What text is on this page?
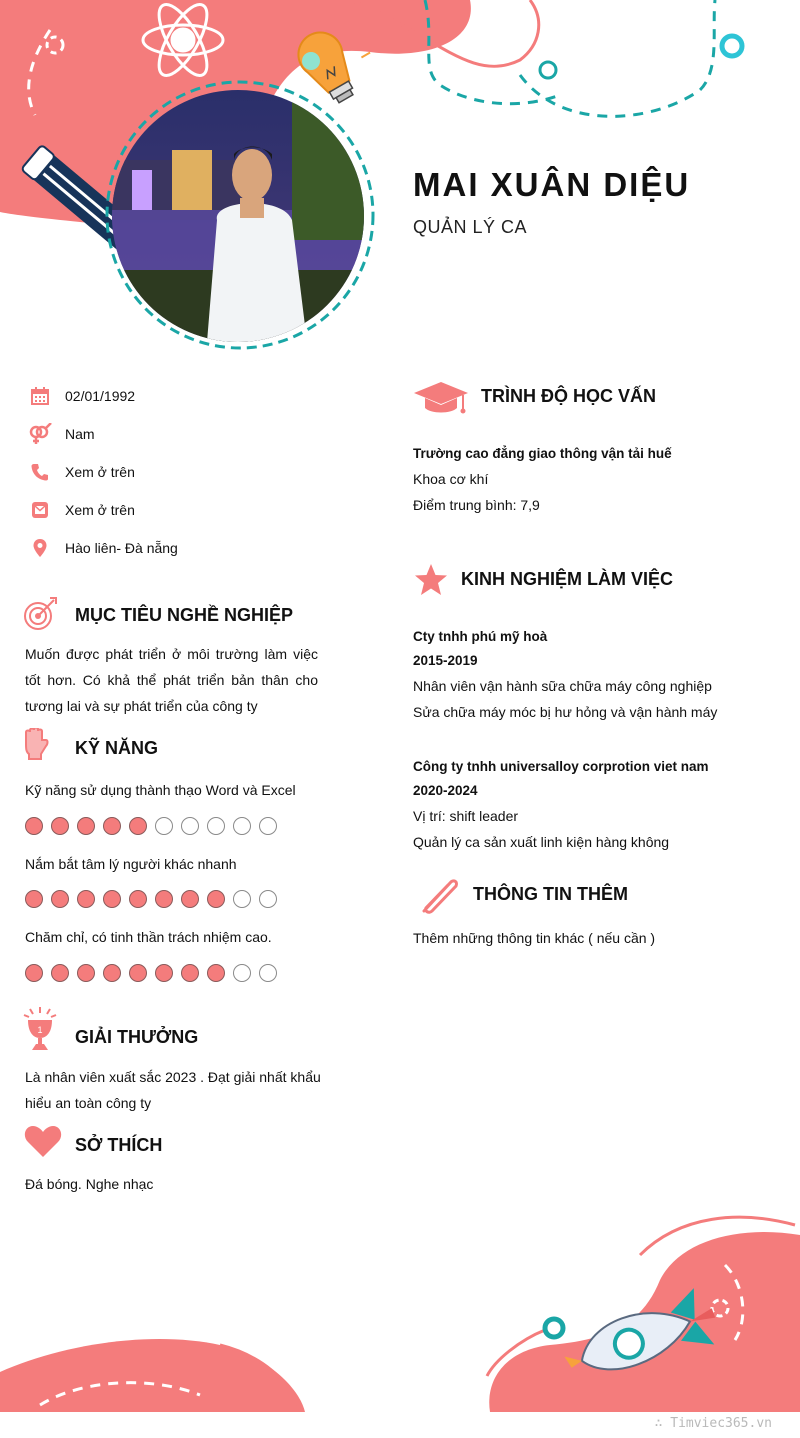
MAI XUÂN DIỆU
QUẢN LÝ CA
02/01/1992
Nam
Xem ở trên
Xem ở trên
Hào liên- Đà nẵng
MỤC TIÊU NGHỀ NGHIỆP
Muốn được phát triển ở môi trường làm việc tốt hơn. Có khả thể phát triển bản thân cho tương lai và sự phát triển của công ty
KỸ NĂNG
Kỹ năng sử dụng thành thạo Word và Excel
Nắm bắt tâm lý người khác nhanh
Chăm chỉ, có tinh thần trách nhiệm cao.
1 GIẢI THƯỞNG
Là nhân viên xuất sắc 2023 . Đạt giải nhất khẩu
hiểu an toàn công ty
SỞ THÍCH
Đá bóng. Nghe nhạc
TRÌNH ĐỘ HỌC VẤN
Trường cao đẳng giao thông vận tải huế
Khoa cơ khí
Điểm trung bình: 7,9
KINH NGHIỆM LÀM VIỆC
Cty tnhh phú mỹ hoà
2015-2019
Nhân viên vận hành sữa chữa máy công nghiệp
Sửa chữa máy móc bị hư hỏng và vận hành máy
Công ty tnhh universalloy corprotion viet nam
2020-2024
Vị trí: shift leader
Quản lý ca sản xuất linh kiện hàng không
THÔNG TIN THÊM
Thêm những thông tin khác ( nếu cần )
∴ Timviec365.vn
